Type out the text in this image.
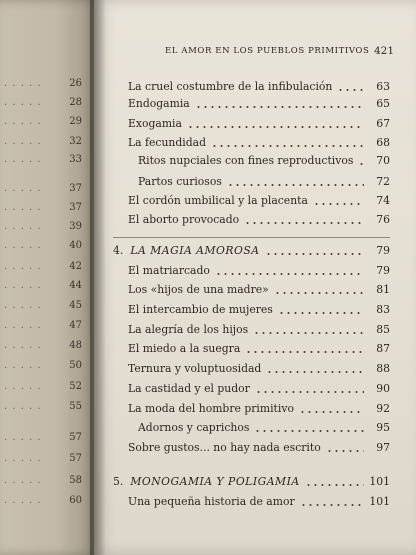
. . . . .	26
. . . . .	28
. . . . .	29
. . . . .	32
. . . . .	33
. . . . .	37
. . . . .	37
. . . . .	39
. . . . .	40
. . . . .	42
. . . . .	44
. . . . .	45
. . . . .	47
. . . . .	48
. . . . .	50
. . . . .	52
. . . . .	55
. . . . .	57
. . . . .	57
. . . . .	58
. . . . .	60
EL AMOR EN LOS PUEBLOS PRIMITIVOS 421
La cruel costumbre de la infibulación	63
Endogamia	65
Exogamia	67
La fecundidad	68
Ritos nupciales con fines reproductivos	70
Partos curiosos	72
El cordón umbilical y la placenta	74
El aborto provocado	76
4. LA MAGIA AMOROSA	79
El matriarcado	79
Los «hijos de una madre»	81
El intercambio de mujeres	83
La alegría de los hijos	85
El miedo a la suegra	87
Ternura y voluptuosidad	88
La castidad y el pudor	90
La moda del hombre primitivo	92
Adornos y caprichos	95
Sobre gustos... no hay nada escrito	97
5. MONOGAMIA Y POLIGAMIA	101
Una pequeña historia de amor	101
